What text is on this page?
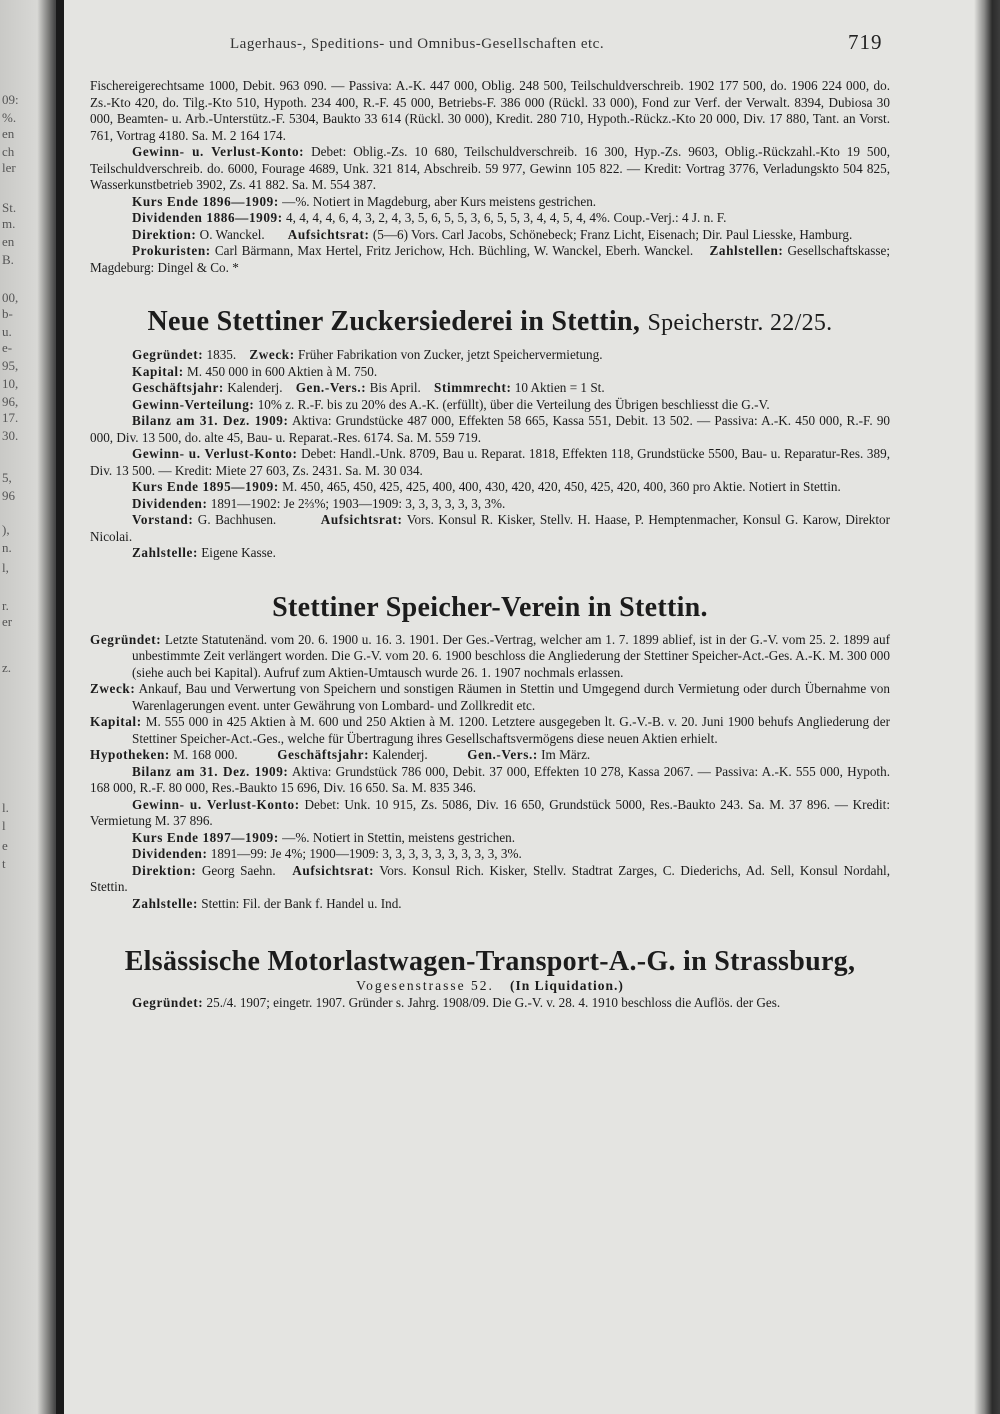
09:
%.
en
ch
ler
St.
m.
en
B.
00,
b-
u.
e-
95,
10,
96,
17.
30.
5,
96
),
n.
l,
r.
er
z.
l.
l
e
t
Lagerhaus-, Speditions- und Omnibus-Gesellschaften etc.	719

Fischereigerechtsame 1000, Debit. 963 090. — Passiva: A.-K. 447 000, Oblig. 248 500, Teilschuldverschreib. 1902 177 500, do. 1906 224 000, do. Zs.-Kto 420, do. Tilg.-Kto 510, Hypoth. 234 400, R.-F. 45 000, Betriebs-F. 386 000 (Rückl. 33 000), Fond zur Verf. der Verwalt. 8394, Dubiosa 30 000, Beamten- u. Arb.-Unterstütz.-F. 5304, Baukto 33 614 (Rückl. 30 000), Kredit. 280 710, Hypoth.-Rückz.-Kto 20 000, Div. 17 880, Tant. an Vorst. 761, Vortrag 4180. Sa. M. 2 164 174.

Gewinn- u. Verlust-Konto: Debet: Oblig.-Zs. 10 680, Teilschuldverschreib. 16 300, Hyp.-Zs. 9603, Oblig.-Rückzahl.-Kto 19 500, Teilschuldverschreib. do. 6000, Fourage 4689, Unk. 321 814, Abschreib. 59 977, Gewinn 105 822. — Kredit: Vortrag 3776, Verladungskto 504 825, Wasserkunstbetrieb 3902, Zs. 41 882. Sa. M. 554 387.

Kurs Ende 1896—1909: —%. Notiert in Magdeburg, aber Kurs meistens gestrichen.

Dividenden 1886—1909: 4, 4, 4, 4, 6, 4, 3, 2, 4, 3, 5, 6, 5, 5, 3, 6, 5, 5, 3, 4, 4, 5, 4, 4%. Coup.-Verj.: 4 J. n. F.

Direktion: O. Wanckel. Aufsichtsrat: (5—6) Vors. Carl Jacobs, Schönebeck; Franz Licht, Eisenach; Dir. Paul Liesske, Hamburg.

Prokuristen: Carl Bärmann, Max Hertel, Fritz Jerichow, Hch. Büchling, W. Wanckel, Eberh. Wanckel. Zahlstellen: Gesellschaftskasse; Magdeburg: Dingel & Co. *

Neue Stettiner Zuckersiederei in Stettin, Speicherstr. 22/25.

Gegründet: 1835. Zweck: Früher Fabrikation von Zucker, jetzt Speichervermietung.

Kapital: M. 450 000 in 600 Aktien à M. 750.

Geschäftsjahr: Kalenderj. Gen.-Vers.: Bis April. Stimmrecht: 10 Aktien = 1 St.

Gewinn-Verteilung: 10% z. R.-F. bis zu 20% des A.-K. (erfüllt), über die Verteilung des Übrigen beschliesst die G.-V.

Bilanz am 31. Dez. 1909: Aktiva: Grundstücke 487 000, Effekten 58 665, Kassa 551, Debit. 13 502. — Passiva: A.-K. 450 000, R.-F. 90 000, Div. 13 500, do. alte 45, Bau- u. Reparat.-Res. 6174. Sa. M. 559 719.

Gewinn- u. Verlust-Konto: Debet: Handl.-Unk. 8709, Bau u. Reparat. 1818, Effekten 118, Grundstücke 5500, Bau- u. Reparatur-Res. 389, Div. 13 500. — Kredit: Miete 27 603, Zs. 2431. Sa. M. 30 034.

Kurs Ende 1895—1909: M. 450, 465, 450, 425, 425, 400, 400, 430, 420, 420, 450, 425, 420, 400, 360 pro Aktie. Notiert in Stettin.

Dividenden: 1891—1902: Je 2⅔%; 1903—1909: 3, 3, 3, 3, 3, 3, 3%.

Vorstand: G. Bachhusen.	Aufsichtsrat: Vors. Konsul R. Kisker, Stellv. H. Haase, P. Hemptenmacher, Konsul G. Karow, Direktor Nicolai.

Zahlstelle: Eigene Kasse.

Stettiner Speicher-Verein in Stettin.

Gegründet: Letzte Statutenänd. vom 20. 6. 1900 u. 16. 3. 1901. Der Ges.-Vertrag, welcher am 1. 7. 1899 ablief, ist in der G.-V. vom 25. 2. 1899 auf unbestimmte Zeit verlängert worden. Die G.-V. vom 20. 6. 1900 beschloss die Angliederung der Stettiner Speicher-Act.-Ges. A.-K. M. 300 000 (siehe auch bei Kapital). Aufruf zum Aktien-Umtausch wurde 26. 1. 1907 nochmals erlassen.

Zweck: Ankauf, Bau und Verwertung von Speichern und sonstigen Räumen in Stettin und Umgegend durch Vermietung oder durch Übernahme von Warenlagerungen event. unter Gewährung von Lombard- und Zollkredit etc.

Kapital: M. 555 000 in 425 Aktien à M. 600 und 250 Aktien à M. 1200. Letztere ausgegeben lt. G.-V.-B. v. 20. Juni 1900 behufs Angliederung der Stettiner Speicher-Act.-Ges., welche für Übertragung ihres Gesellschaftsvermögens diese neuen Aktien erhielt.

Hypotheken: M. 168 000.	Geschäftsjahr: Kalenderj.	Gen.-Vers.: Im März.

Bilanz am 31. Dez. 1909: Aktiva: Grundstück 786 000, Debit. 37 000, Effekten 10 278, Kassa 2067. — Passiva: A.-K. 555 000, Hypoth. 168 000, R.-F. 80 000, Res.-Baukto 15 696, Div. 16 650. Sa. M. 835 346.

Gewinn- u. Verlust-Konto: Debet: Unk. 10 915, Zs. 5086, Div. 16 650, Grundstück 5000, Res.-Baukto 243. Sa. M. 37 896. — Kredit: Vermietung M. 37 896.

Kurs Ende 1897—1909: —%. Notiert in Stettin, meistens gestrichen.

Dividenden: 1891—99: Je 4%; 1900—1909: 3, 3, 3, 3, 3, 3, 3, 3, 3, 3%.

Direktion: Georg Saehn. Aufsichtsrat: Vors. Konsul Rich. Kisker, Stellv. Stadtrat Zarges, C. Diederichs, Ad. Sell, Konsul Nordahl, Stettin.

Zahlstelle: Stettin: Fil. der Bank f. Handel u. Ind.

Elsässische Motorlastwagen-Transport-A.-G. in Strassburg,

Vogesenstrasse 52. (In Liquidation.)

Gegründet: 25./4. 1907; eingetr. 1907. Gründer s. Jahrg. 1908/09. Die G.-V. v. 28. 4. 1910 beschloss die Auflös. der Ges.
